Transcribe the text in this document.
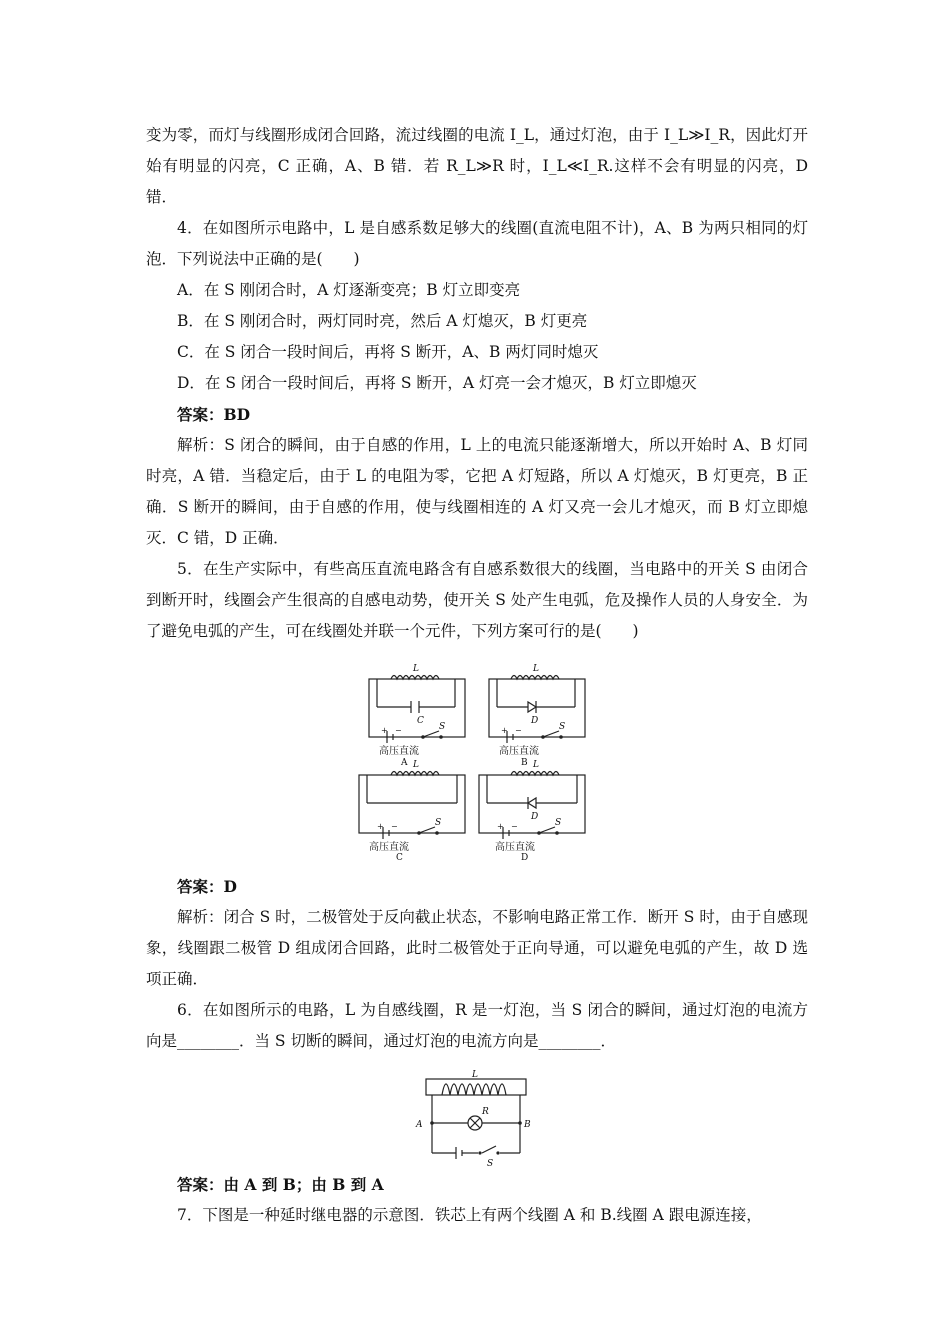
变为零，而灯与线圈形成闭合回路，流过线圈的电流 I_L，通过灯泡，由于 I_L≫I_R，因此灯开始有明显的闪亮，C 正确，A、B 错．若 R_L≫R 时，I_L≪I_R.这样不会有明显的闪亮，D 错．

4．在如图所示电路中，L 是自感系数足够大的线圈(直流电阻不计)，A、B 为两只相同的灯泡．下列说法中正确的是(　　)

A．在 S 刚闭合时，A 灯逐渐变亮；B 灯立即变亮

B．在 S 刚闭合时，两灯同时亮，然后 A 灯熄灭，B 灯更亮

C．在 S 闭合一段时间后，再将 S 断开，A、B 两灯同时熄灭

D．在 S 闭合一段时间后，再将 S 断开，A 灯亮一会才熄灭，B 灯立即熄灭

答案：BD

解析：S 闭合的瞬间，由于自感的作用，L 上的电流只能逐渐增大，所以开始时 A、B 灯同时亮，A 错．当稳定后，由于 L 的电阻为零，它把 A 灯短路，所以 A 灯熄灭，B 灯更亮，B 正确．S 断开的瞬间，由于自感的作用，使与线圈相连的 A 灯又亮一会儿才熄灭，而 B 灯立即熄灭．C 错，D 正确．

5．在生产实际中，有些高压直流电路含有自感系数很大的线圈，当电路中的开关 S 由闭合到断开时，线圈会产生很高的自感电动势，使开关 S 处产生电弧，危及操作人员的人身安全．为了避免电弧的产生，可在线圈处并联一个元件，下列方案可行的是(　　)

L	L
L	L
C	D
D
S	S
S	S
+ −	+ −
+ −	+ −
高压直流	高压直流
高压直流	高压直流
A	B
C	D

答案：D

解析：闭合 S 时，二极管处于反向截止状态，不影响电路正常工作．断开 S 时，由于自感现象，线圈跟二极管 D 组成闭合回路，此时二极管处于正向导通，可以避免电弧的产生，故 D 选项正确．

6．在如图所示的电路，L 为自感线圈，R 是一灯泡，当 S 闭合的瞬间，通过灯泡的电流方向是________．当 S 切断的瞬间，通过灯泡的电流方向是________．

L
R
A	B
S

答案：由 A 到 B；由 B 到 A

7．下图是一种延时继电器的示意图．铁芯上有两个线圈 A 和 B.线圈 A 跟电源连接，
